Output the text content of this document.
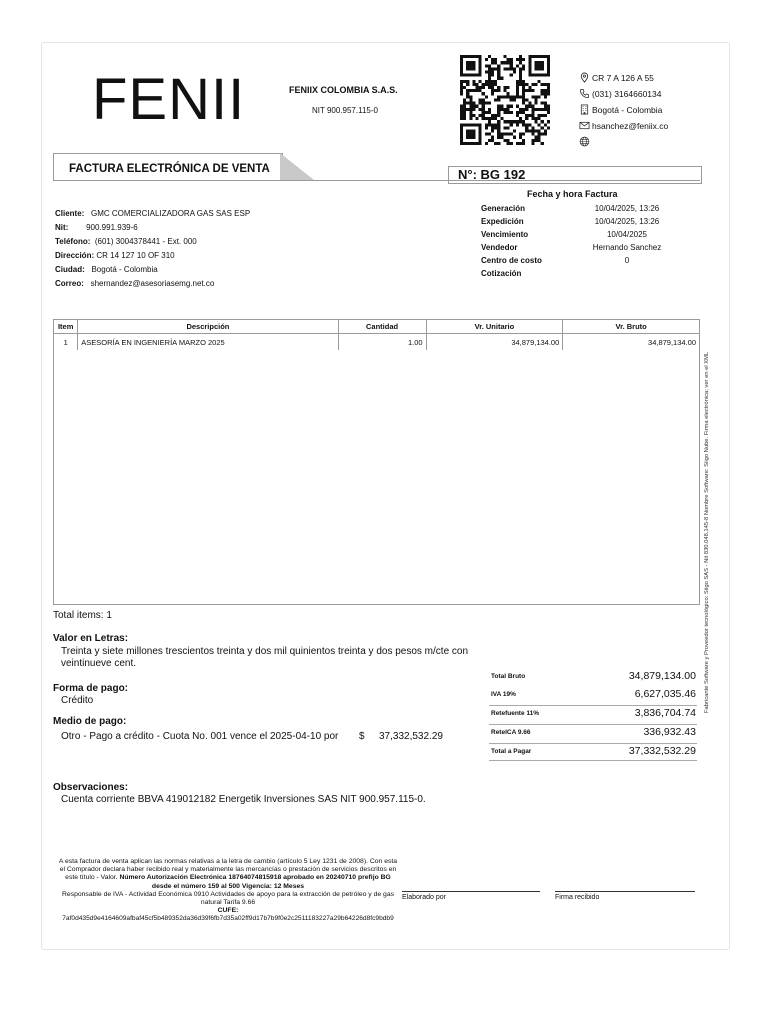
FENII	FENIIX COLOMBIA S.A.S.
NIT 900.957.115-0
CR 7 A 126 A 55
(031) 3164660134
Bogotá - Colombia
hsanchez@feniix.co
FACTURA ELECTRÓNICA DE VENTA	N°: BG 192
Fecha y hora Factura
Generación	10/04/2025, 13:26
Expedición	10/04/2025, 13:26
Vencimiento	10/04/2025
Vendedor	Hernando Sanchez
Centro de costo	0
Cotización
Cliente: GMC COMERCIALIZADORA GAS SAS ESP
Nit: 900.991.939-6
Teléfono: (601) 3004378441 - Ext. 000
Dirección: CR 14 127 10 OF 310
Ciudad: Bogotá - Colombia
Correo: shernandez@asesoriasemg.net.co
Item	Descripción	Cantidad	Vr. Unitario	Vr. Bruto
1	ASESORÍA EN INGENIERÍA MARZO 2025	1.00	34,879,134.00	34,879,134.00
Total items: 1
Valor en Letras:
Treinta y siete millones trescientos treinta y dos mil quinientos treinta y dos pesos m/cte con veintinueve cent.
Forma de pago:
Crédito
Medio de pago:
Otro - Pago a crédito - Cuota No. 001 vence el 2025-04-10 por	$ 37,332,532.29
Observaciones:
Cuenta corriente BBVA 419012182 Energetik Inversiones SAS NIT 900.957.115-0.
Total Bruto	34,879,134.00
IVA 19%	6,627,035.46
Retefuente 11%	3,836,704.74
ReteICA 9.66	336,932.43
Total a Pagar	37,332,532.29
A esta factura de venta aplican las normas relativas a la letra de cambio (artículo 5 Ley 1231 de 2008). Con esta el Comprador declara haber recibido real y materialmente las mercancías o prestación de servicios descritos en este título - Valor. Número Autorización Electrónica 18764074815918 aprobado en 20240710 prefijo BG desde el número 159 al 500 Vigencia: 12 Meses
Responsable de IVA - Actividad Económica 0910 Actividades de apoyo para la extracción de petróleo y de gas natural Tarifa 9.66
CUFE:
7af0d435d9e4164609afbaf45cf5b489352da36d39f6fb7d35a02ff9d17b7b9f0e2c2511183227a29b64226d8fc9bdb9
Elaborado por	Firma recibido
Fabricante Software y Proveedor tecnológico: Siigo SAS - Nit 830.048.145-8 Nombre Software: Siigo Nube. Firma electrónica: ver en el XML
